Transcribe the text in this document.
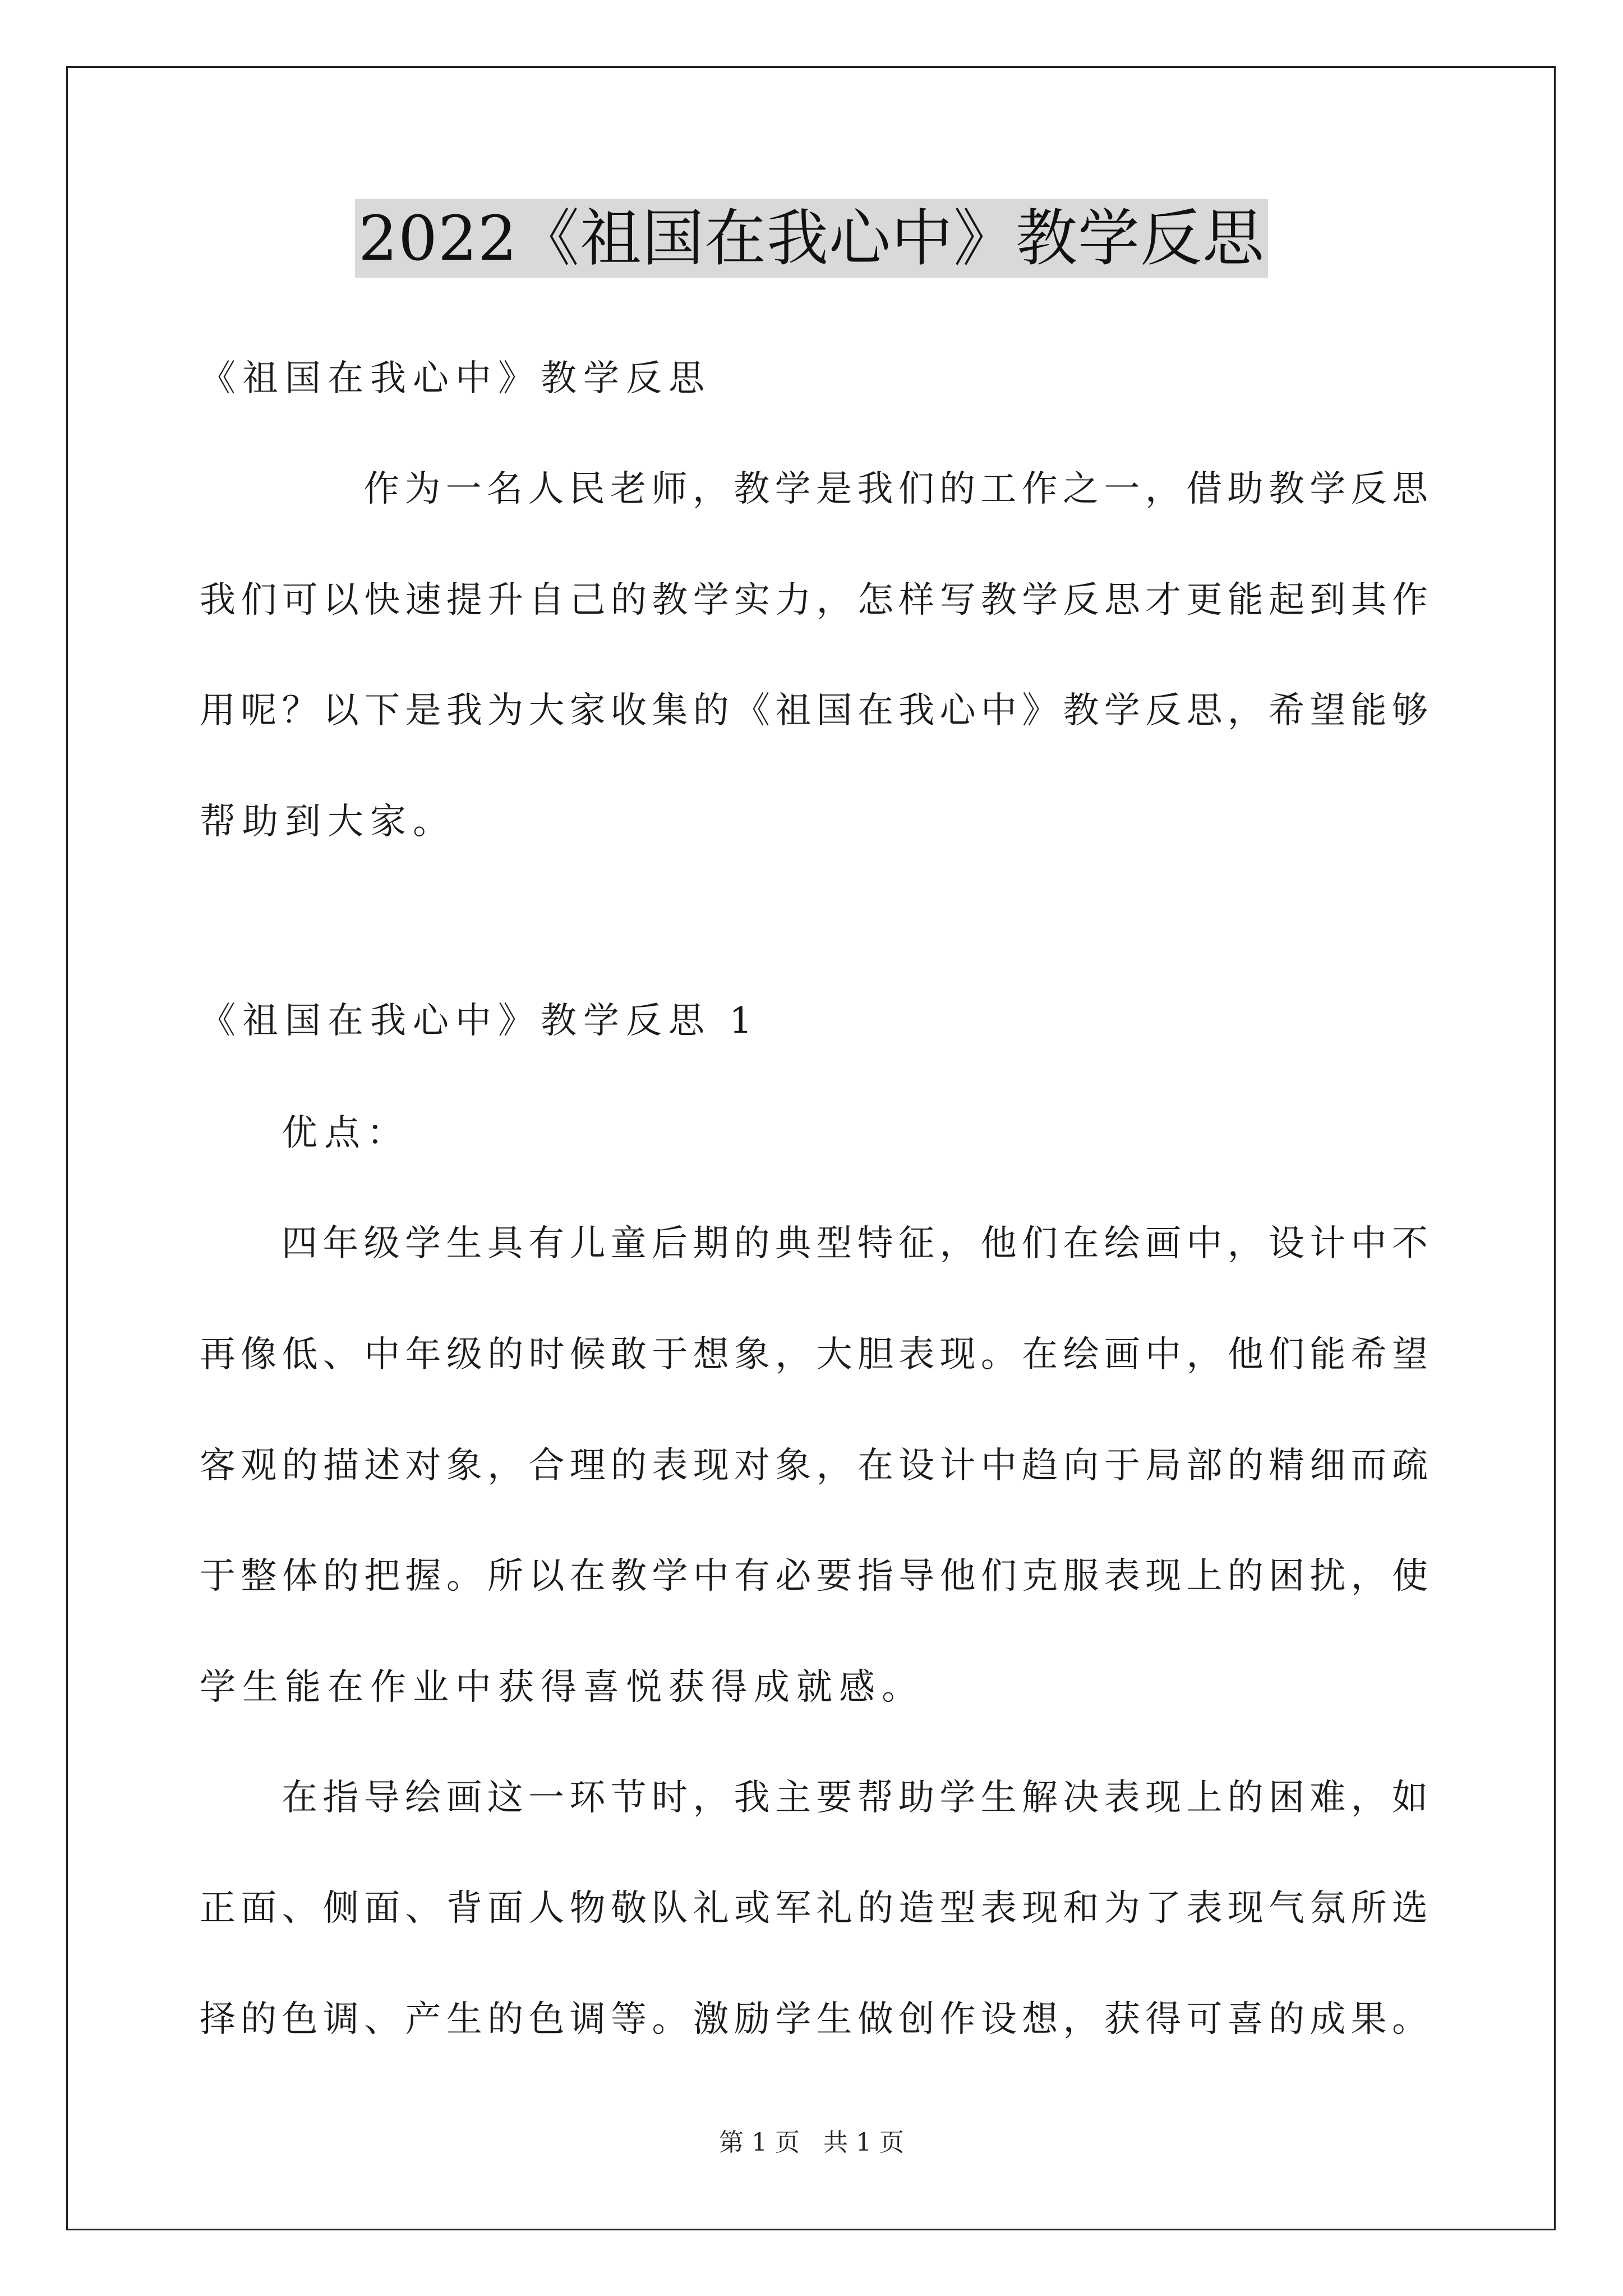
2022《祖国在我心中》教学反思
《祖国在我心中》教学反思
作为一名人民老师，教学是我们的工作之一，借助教学反思
我们可以快速提升自己的教学实力，怎样写教学反思才更能起到其作
用呢？以下是我为大家收集的《祖国在我心中》教学反思，希望能够
帮助到大家。
《祖国在我心中》教学反思 1
优点：
四年级学生具有儿童后期的典型特征，他们在绘画中，设计中不
再像低、中年级的时候敢于想象，大胆表现。在绘画中，他们能希望
客观的描述对象，合理的表现对象，在设计中趋向于局部的精细而疏
于整体的把握。所以在教学中有必要指导他们克服表现上的困扰，使
学生能在作业中获得喜悦获得成就感。
在指导绘画这一环节时，我主要帮助学生解决表现上的困难，如
正面、侧面、背面人物敬队礼或军礼的造型表现和为了表现气氛所选
择的色调、产生的色调等。激励学生做创作设想，获得可喜的成果。
第 1 页   共 1 页
